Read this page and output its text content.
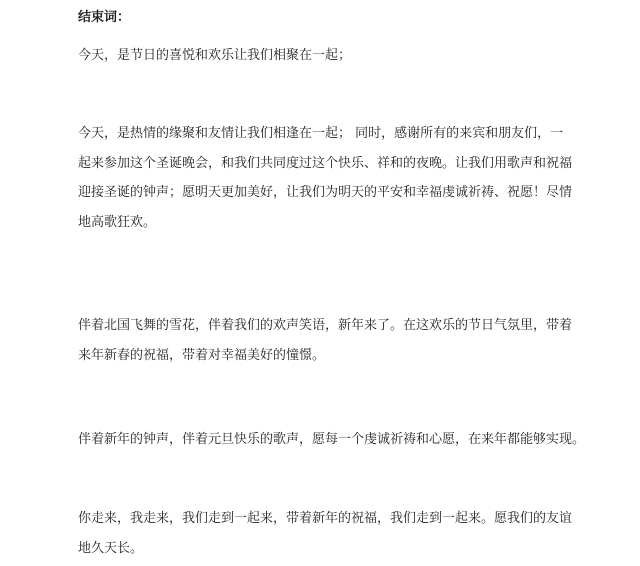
结束词：
今天，是节日的喜悦和欢乐让我们相聚在一起；
今天，是热情的缘聚和友情让我们相逢在一起； 同时，感谢所有的来宾和朋友们，一
起来参加这个圣诞晚会，和我们共同度过这个快乐、祥和的夜晚。让我们用歌声和祝福
迎接圣诞的钟声；愿明天更加美好，让我们为明天的平安和幸福虔诚祈祷、祝愿！尽情
地高歌狂欢。
伴着北国飞舞的雪花，伴着我们的欢声笑语，新年来了。在这欢乐的节日气氛里，带着
来年新春的祝福，带着对幸福美好的憧憬。
伴着新年的钟声，伴着元旦快乐的歌声，愿每一个虔诚祈祷和心愿，在来年都能够实现。
你走来，我走来，我们走到一起来，带着新年的祝福，我们走到一起来。愿我们的友谊
地久天长。
